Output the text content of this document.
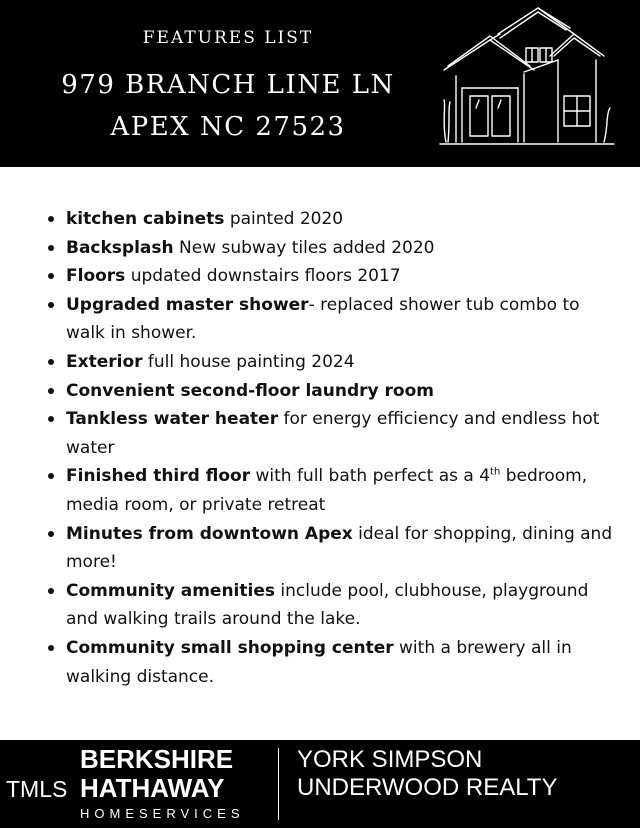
FEATURES LIST
979 BRANCH LINE LN
APEX NC 27523
kitchen cabinets painted 2020
Backsplash New subway tiles added 2020
Floors updated downstairs floors 2017
Upgraded master shower- replaced shower tub combo to walk in shower.
Exterior full house painting 2024
Convenient second-floor laundry room
Tankless water heater for energy efficiency and endless hot water
Finished third floor with full bath perfect as a 4th bedroom, media room, or private retreat
Minutes from downtown Apex ideal for shopping, dining and more!
Community amenities include pool, clubhouse, playground and walking trails around the lake.
Community small shopping center with a brewery all in walking distance.
TMLS
BERKSHIRE
HATHAWAY
HOMESERVICES
YORK SIMPSON
UNDERWOOD REALTY
